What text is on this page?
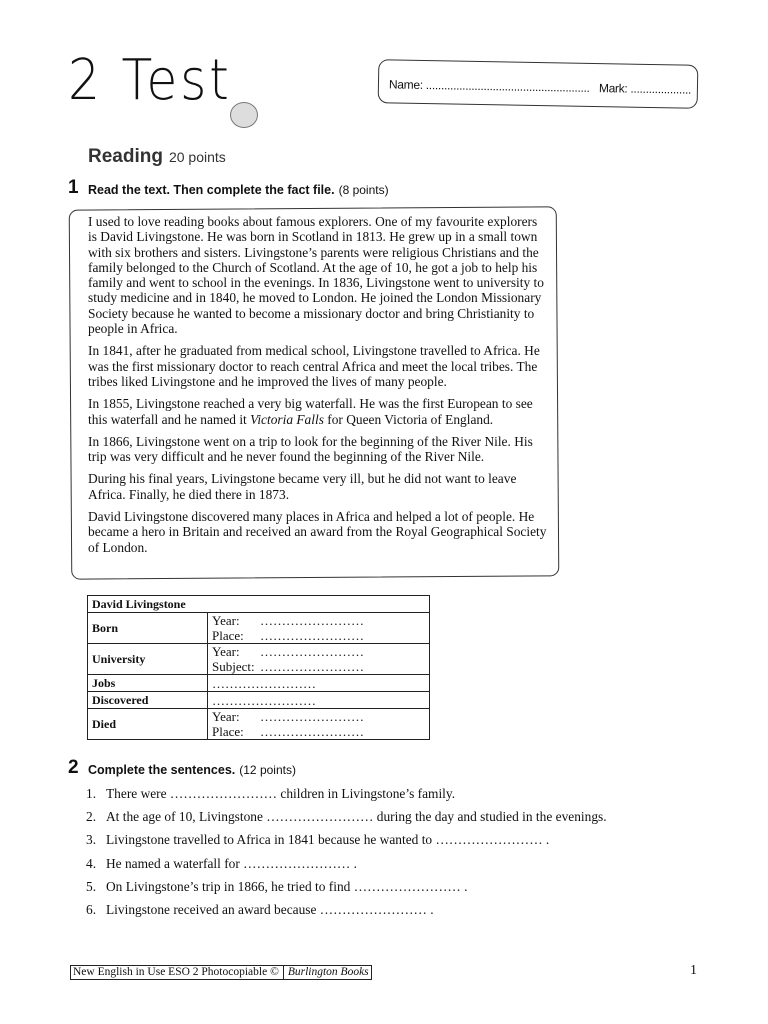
2 Test	Name: ...................................................... Mark: ....................
Reading 20 points
1 Read the text. Then complete the fact file. (8 points)

I used to love reading books about famous explorers. One of my favourite explorers is David Livingstone. He was born in Scotland in 1813. He grew up in a small town with six brothers and sisters. Livingstone’s parents were religious Christians and the family belonged to the Church of Scotland. At the age of 10, he got a job to help his family and went to school in the evenings. In 1836, Livingstone went to university to study medicine and in 1840, he moved to London. He joined the London Missionary Society because he wanted to become a missionary doctor and bring Christianity to people in Africa.

In 1841, after he graduated from medical school, Livingstone travelled to Africa. He was the first missionary doctor to reach central Africa and meet the local tribes. The tribes liked Livingstone and he improved the lives of many people.

In 1855, Livingstone reached a very big waterfall. He was the first European to see this waterfall and he named it Victoria Falls for Queen Victoria of England.

In 1866, Livingstone went on a trip to look for the beginning of the River Nile. His trip was very difficult and he never found the beginning of the River Nile.

During his final years, Livingstone became very ill, but he did not want to leave Africa. Finally, he died there in 1873.

David Livingstone discovered many places in Africa and helped a lot of people. He became a hero in Britain and received an award from the Royal Geographical Society of London.

David Livingstone	
Born	Year: ……………………
Place: ……………………

University	Year: ……………………
Subject: ……………………

Jobs	……………………
Discovered	……………………
Died	Year: ……………………
Place: ……………………
2 Complete the sentences. (12 points)
1. There were …………………… children in Livingstone’s family.
2. At the age of 10, Livingstone …………………… during the day and studied in the evenings.
3. Livingstone travelled to Africa in 1841 because he wanted to …………………… .
4. He named a waterfall for …………………… .
5. On Livingstone’s trip in 1866, he tried to find …………………… .
6. Livingstone received an award because …………………… .
New English in Use ESO 2 Photocopiable © Burlington Books	1
